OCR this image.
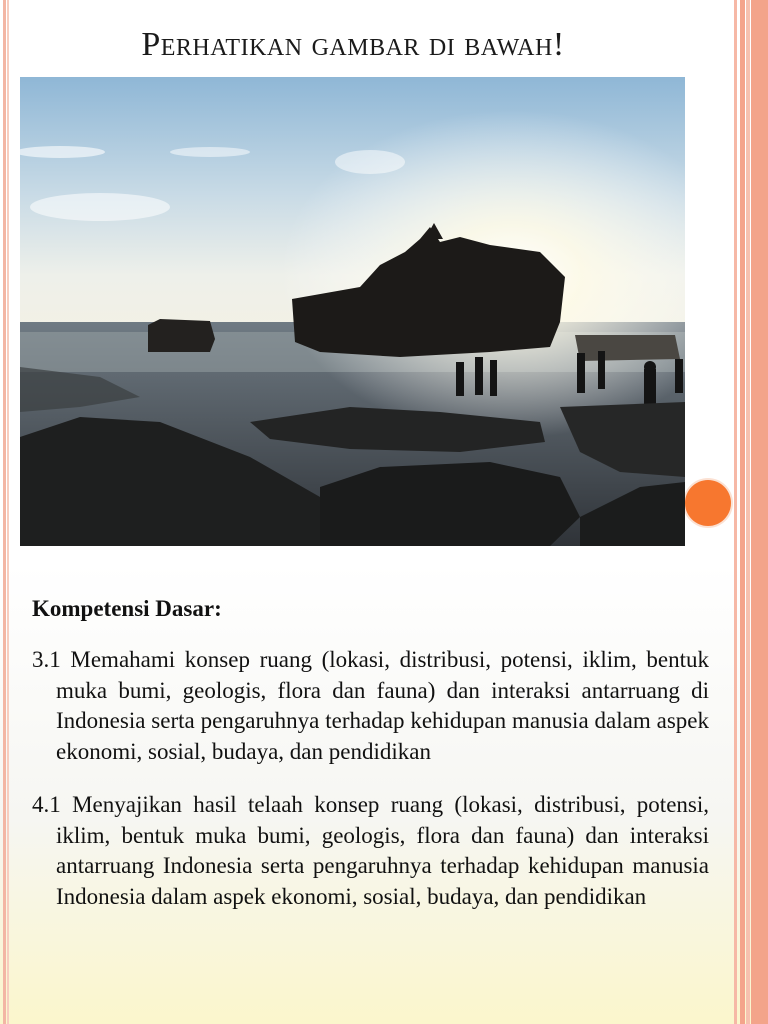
Perhatikan gambar di bawah!

Kompetensi Dasar:

3.1 Memahami konsep ruang (lokasi, distribusi, potensi, iklim, bentuk muka bumi, geologis, flora dan fauna) dan interaksi antarruang di Indonesia serta pengaruhnya terhadap kehidupan manusia dalam aspek ekonomi, sosial, budaya, dan pendidikan

4.1 Menyajikan hasil telaah konsep ruang (lokasi, distribusi, potensi, iklim, bentuk muka bumi, geologis, flora dan fauna) dan interaksi antarruang Indonesia serta pengaruhnya terhadap kehidupan manusia Indonesia dalam aspek ekonomi, sosial, budaya, dan pendidikan
